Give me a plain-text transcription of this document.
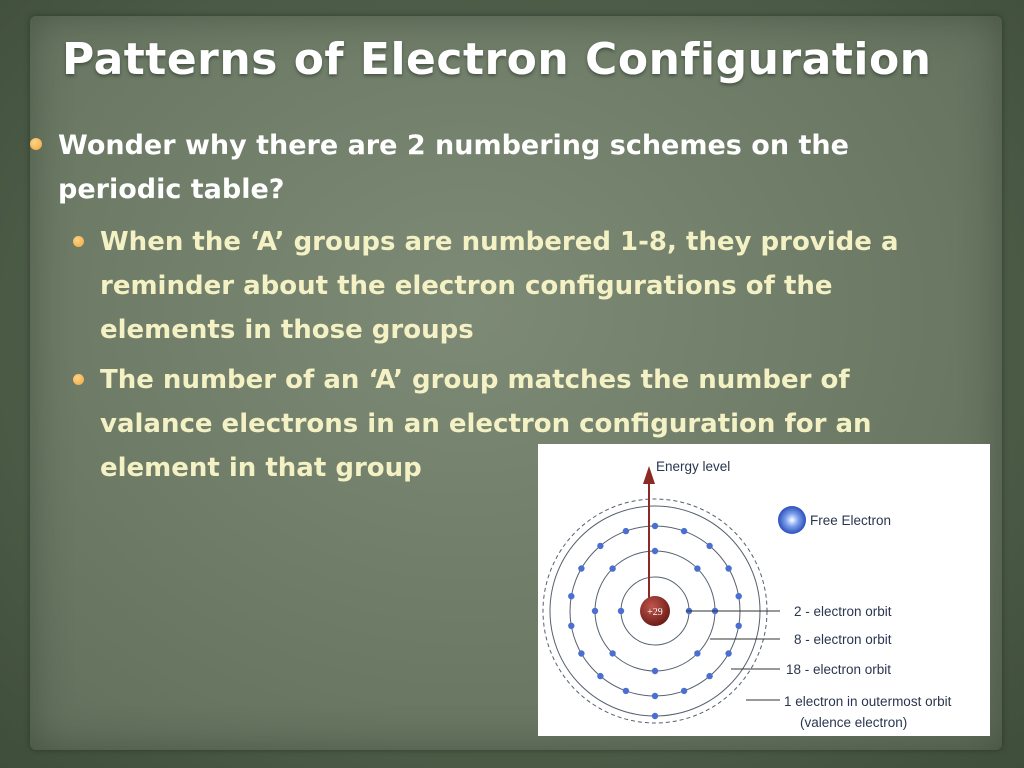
Patterns of Electron Configuration
Wonder why there are 2 numbering schemes on the periodic table?
When the ‘A’ groups are numbered 1-8, they provide a reminder about the electron configurations of the elements in those groups
The number of an ‘A’ group matches the number of valance electrons in an electron configuration for an element in that group	Energy level
+29
Free Electron
2 - electron orbit
8 - electron orbit
18 - electron orbit
1 electron in outermost orbit
(valence electron)
